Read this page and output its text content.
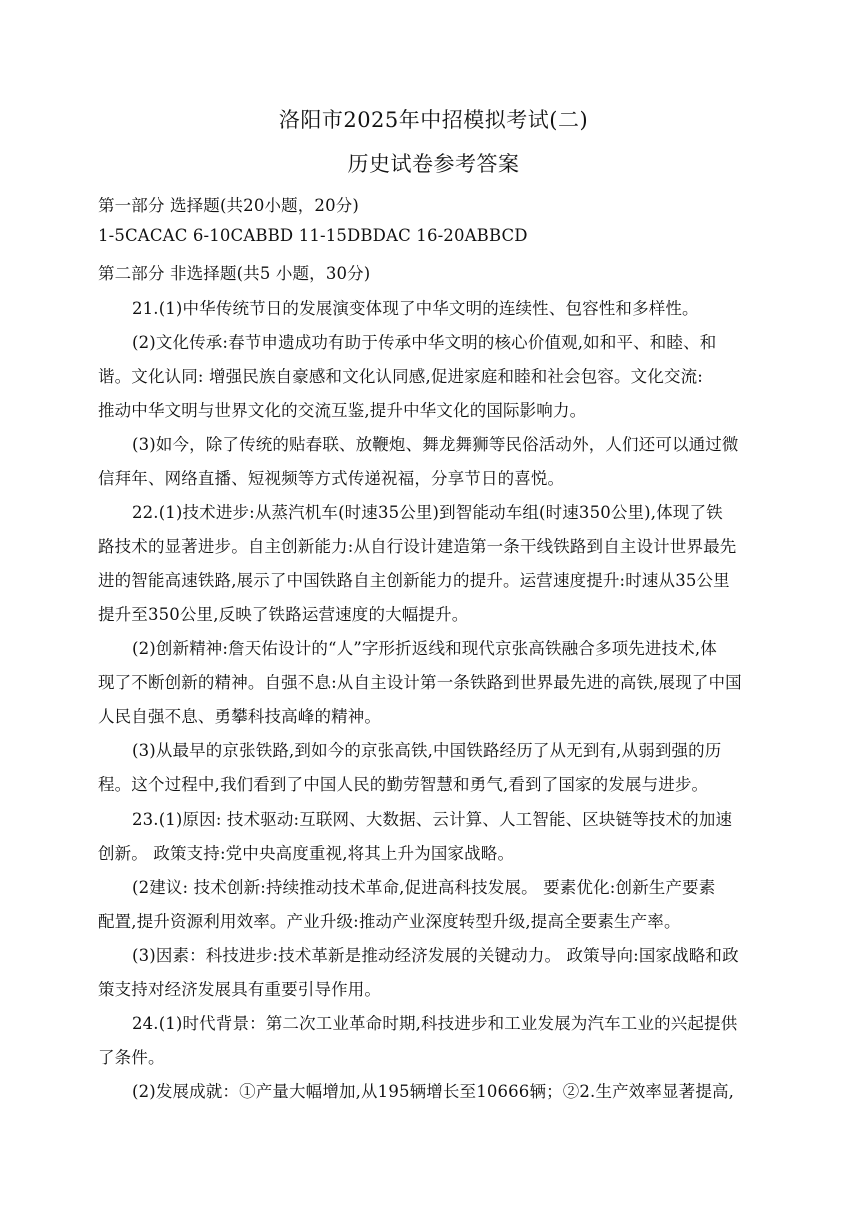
洛阳市2025年中招模拟考试(二)
历史试卷参考答案
第一部分 选择题(共20小题，20分)
1-5CACAC 6-10CABBD 11-15DBDAC 16-20ABBCD
第二部分 非选择题(共5 小题，30分)
21.(1)中华传统节日的发展演变体现了中华文明的连续性、包容性和多样性。
(2)文化传承:春节申遗成功有助于传承中华文明的核心价值观,如和平、和睦、和
谐。文化认同: 增强民族自豪感和文化认同感,促进家庭和睦和社会包容。文化交流:
推动中华文明与世界文化的交流互鉴,提升中华文化的国际影响力。
(3)如今，除了传统的贴春联、放鞭炮、舞龙舞狮等民俗活动外，人们还可以通过微
信拜年、网络直播、短视频等方式传递祝福，分享节日的喜悦。
22.(1)技术进步:从蒸汽机车(时速35公里)到智能动车组(时速350公里),体现了铁
路技术的显著进步。自主创新能力:从自行设计建造第一条干线铁路到自主设计世界最先
进的智能高速铁路,展示了中国铁路自主创新能力的提升。运营速度提升:时速从35公里
提升至350公里,反映了铁路运营速度的大幅提升。
(2)创新精神:詹天佑设计的“人”字形折返线和现代京张高铁融合多项先进技术,体
现了不断创新的精神。自强不息:从自主设计第一条铁路到世界最先进的高铁,展现了中国
人民自强不息、勇攀科技高峰的精神。
(3)从最早的京张铁路,到如今的京张高铁,中国铁路经历了从无到有,从弱到强的历
程。这个过程中,我们看到了中国人民的勤劳智慧和勇气,看到了国家的发展与进步。
23.(1)原因: 技术驱动:互联网、大数据、云计算、人工智能、区块链等技术的加速
创新。 政策支持:党中央高度重视,将其上升为国家战略。
(2建议: 技术创新:持续推动技术革命,促进高科技发展。 要素优化:创新生产要素
配置,提升资源利用效率。产业升级:推动产业深度转型升级,提高全要素生产率。
(3)因素：科技进步:技术革新是推动经济发展的关键动力。 政策导向:国家战略和政
策支持对经济发展具有重要引导作用。
24.(1)时代背景：第二次工业革命时期,科技进步和工业发展为汽车工业的兴起提供
了条件。
(2)发展成就：①产量大幅增加,从195辆增长至10666辆；②2.生产效率显著提高,
